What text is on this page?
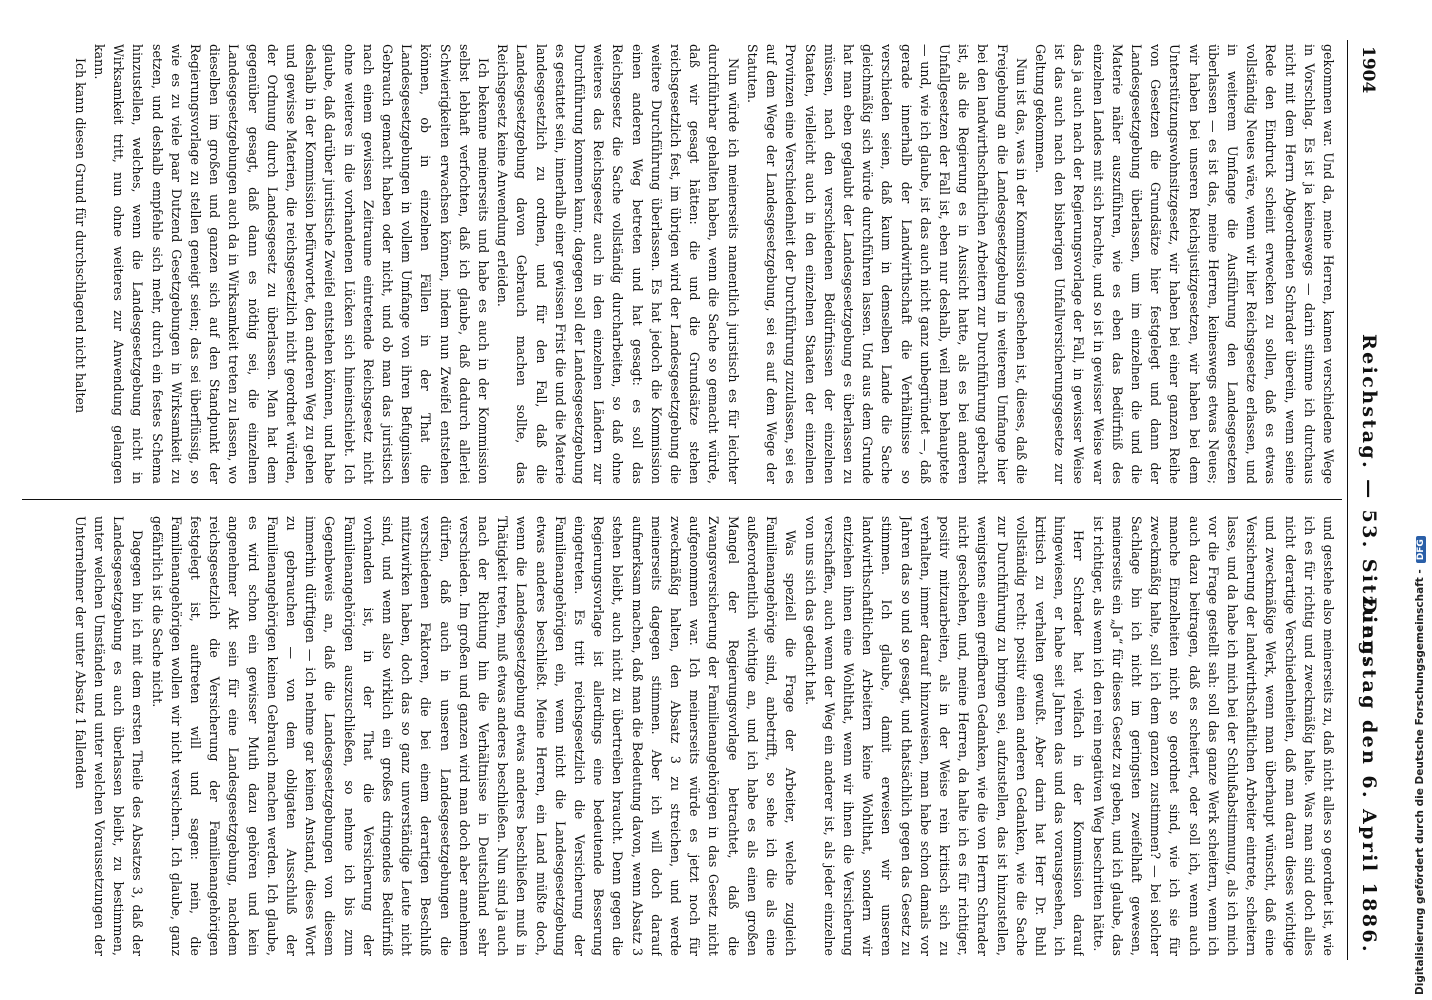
1904
Reichstag. — 53. Sitzung.
Dienstag den 6. April 1886.

gekommen war. Und da, meine Herren, kamen verschiedene Wege in Vorschlag. Es ist ja keineswegs — darin stimme ich durchaus nicht mit dem Herrn Abgeordneten Schrader überein, wenn seine Rede den Eindruck scheint erwecken zu sollen, daß es etwas vollständig Neues wäre, wenn wir hier Reichsgesetze erlassen, und in weiterem Umfange die Ausführung den Landesgesetzen überlassen — es ist das, meine Herren, keineswegs etwas Neues; wir haben bei unseren Reichsjustizgesetzen, wir haben bei dem Unterstützungswohnsitzgesetz, wir haben bei einer ganzen Reihe von Gesetzen die Grundsätze hier festgelegt und dann der Landesgesetzgebung überlassen, um im einzelnen die und die Materie näher auszuführen, wie es eben das Bedürfniß des einzelnen Landes mit sich brachte, und so ist in gewisser Weise war das ja auch nach der Regierungsvorlage der Fall, in gewisser Weise ist das auch nach den bisherigen Unfallversicherungsgesetze zur Geltung gekommen.

Nun ist das, was in der Kommission geschehen ist, dieses, daß die Freigebung an die Landesgesetzgebung in weiterem Umfange hier bei den landwirthschaftlichen Arbeitern zur Durchführung gebracht ist, als die Regierung es in Aussicht hatte, als es bei anderen Unfallgesetzen der Fall ist, eben nur deshalb, weil man behauptete — und, wie ich glaube, ist das auch nicht ganz unbegründet —, daß gerade innerhalb der Landwirthschaft die Verhältnisse so verschieden seien, daß kaum in demselben Lande die Sache gleichmäßig sich würde durchführen lassen. Und aus dem Grunde hat man eben geglaubt der Landesgesetzgebung es überlassen zu müssen, nach den verschiedenen Bedürfnissen der einzelnen Staaten, vielleicht auch in den einzelnen Staaten der einzelnen Provinzen eine Verschiedenheit der Durchführung zuzulassen, sei es auf dem Wege der Landesgesetzgebung, sei es auf dem Wege der Statuten.

Nun würde ich meinerseits namentlich juristisch es für leichter durchführbar gehalten haben, wenn die Sache so gemacht würde, daß wir gesagt hätten: die und die Grundsätze stehen reichsgesetzlich fest, im übrigen wird der Landesgesetzgebung die weitere Durchführung überlassen. Es hat jedoch die Kommission einen anderen Weg betreten und hat gesagt: es soll das Reichsgesetz die Sache vollständig durcharbeiten, so daß ohne weiteres das Reichsgesetz auch in den einzelnen Ländern zur Durchführung kommen kann; dagegen soll der Landesgesetzgebung es gestattet sein, innerhalb einer gewissen Frist die und die Materie landesgesetzlich zu ordnen, und für den Fall, daß die Landesgesetzgebung davon Gebrauch machen sollte, das Reichsgesetz keine Anwendung erleiden.

Ich bekenne meinerseits und habe es auch in der Kommission selbst lebhaft verfochten, daß ich glaube, daß dadurch allerlei Schwierigkeiten erwachsen können, indem nun Zweifel entstehen können, ob in einzelnen Fällen in der That die Landesgesetzgebungen in vollem Umfange von ihren Befugnissen Gebrauch gemacht haben oder nicht, und ob man das juristisch nach einem gewissen Zeitraume eintretende Reichsgesetz nicht ohne weiteres in die vorhandenen Lücken sich hineinschiebt. Ich glaube, daß darüber juristische Zweifel entstehen können, und habe deshalb in der Kommission befürwortet, den anderen Weg zu gehen und gewisse Materien, die reichsgesetzlich nicht geordnet würden, der Ordnung durch Landesgesetz zu überlassen. Man hat dem gegenüber gesagt, daß dann es nöthig sei, die einzelnen Landesgesetzgebungen auch da in Wirksamkeit treten zu lassen, wo dieselben im großen und ganzen sich auf den Standpunkt der Regierungsvorlage zu stellen geneigt seien; das sei überflüssig, so wie es zu viele paar Dutzend Gesetzgebungen in Wirksamkeit zu setzen, und deshalb empfehle sich mehr, durch ein festes Schema hinzustellen, welches, wenn die Landesgesetzgebung nicht in Wirksamkeit tritt, nun ohne weiteres zur Anwendung gelangen kann.

Ich kann diesen Grund für durchschlagend nicht halten

und gestehe also meinerseits zu, daß nicht alles so geordnet ist, wie ich es für richtig und zweckmäßig halte. Was man sind doch alles nicht derartige Verschiedenheiten, daß man daran dieses wichtige und zweckmäßige Werk, wenn man überhaupt wünscht, daß eine Versicherung der landwirthschaftlichen Arbeiter eintrete, scheitern lasse, und da habe ich mich bei der Schlußabstimmung, als ich mich vor die Frage gestellt sah: soll das ganze Werk scheitern, wenn ich auch dazu beitragen, daß es scheitert, oder soll ich, wenn auch manche Einzelheiten nicht so geordnet sind, wie ich sie für zweckmäßig halte, soll ich dem ganzen zustimmen? — bei solcher Sachlage bin ich nicht im geringsten zweifelhaft gewesen, meinerseits ein „Ja“ für dieses Gesetz zu geben, und ich glaube, das ist richtiger, als wenn ich den rein negativen Weg beschritten hätte.

Herr Schrader hat vielfach in der Kommission darauf hingewiesen, er habe seit Jahren das und das vorausgesehen, ich kritisch zu verhalten gewußt. Aber darin hat Herr Dr. Buhl vollständig recht: positiv einen anderen Gedanken, wie die Sache zur Durchführung zu bringen sei, aufzustellen, das ist hinzustellen, wenigstens einen greifbaren Gedanken, wie die von Herrn Schrader nicht geschehen, und, meine Herren, da halte ich es für richtiger, positiv mitzuarbeiten, als in der Weise rein kritisch sich zu verhalten, immer darauf hinzuweisen, man habe schon damals vor Jahren das so und so gesagt, und thatsächlich gegen das Gesetz zu stimmen. Ich glaube, damit erweisen wir unseren landwirthschaftlichen Arbeitern keine Wohlthat, sondern wir entziehen ihnen eine Wohlthat, wenn wir ihnen die Versicherung verschaffen, auch wenn der Weg ein anderer ist, als jeder einzelne von uns sich das gedacht hat.

Was speziell die Frage der Arbeiter, welche zugleich Familienangehörige sind, anbetrifft, so sehe ich die als eine außerordentlich wichtige an, und ich habe es als einen großen Mangel der Regierungsvorlage betrachtet, daß die Zwangsversicherung der Familienangehörigen in das Gesetz nicht aufgenommen war. Ich meinerseits würde es jetzt noch für zweckmäßig halten, den Absatz 3 zu streichen, und werde meinerseits dagegen stimmen. Aber ich will doch darauf aufmerksam machen, daß man die Bedeutung davon, wenn Absatz 3 stehen bleibt, auch nicht zu übertreiben braucht. Denn gegen die Regierungsvorlage ist allerdings eine bedeutende Besserung eingetreten. Es tritt reichsgesetzlich die Versicherung der Familienangehörigen ein, wenn nicht die Landesgesetzgebung etwas anderes beschließt. Meine Herren, ein Land müßte doch, wenn die Landesgesetzgebung etwas anderes beschließen muß in Thätigkeit treten, muß etwas anderes beschließen. Nun sind ja auch nach der Richtung hin die Verhältnisse in Deutschland sehr verschieden. Im großen und ganzen wird man doch aber annehmen dürfen, daß auch in unseren Landesgesetzgebungen die verschiedenen Faktoren, die bei einem derartigen Beschluß mitzuwirken haben, doch das so ganz unverständige Leute nicht sind, und wenn also wirklich ein großes dringendes Bedürfniß vorhanden ist, in der That die Versicherung der Familienangehörigen auszuschließen, so nehme ich bis zum Gegenbeweis an, daß die Landesgesetzgebungen von diesem immerhin dürftigen — ich nehme gar keinen Anstand, dieses Wort zu gebrauchen — von dem obligaten Ausschluß der Familienangehörigen keinen Gebrauch machen werden. Ich glaube, es wird schon ein gewisser Muth dazu gehören und kein angenehmer Akt sein für eine Landesgesetzgebung, nachdem reichsgesetzlich die Versicherung der Familienangehörigen festgelegt ist, auftreten will und sagen: nein, die Familienangehörigen wollen wir nicht versichern. Ich glaube, ganz gefährlich ist die Sache nicht.

Dagegen bin ich mit dem ersten Theile des Absatzes 3, daß der Landesgesetzgebung es auch überlassen bleibt, zu bestimmen, unter welchen Umständen und unter welchen Voraussetzungen der Unternehmer der unter Absatz 1 fallenden	Digitalisierung gefördert durch die Deutsche Forschungsgemeinschaft -DFG
